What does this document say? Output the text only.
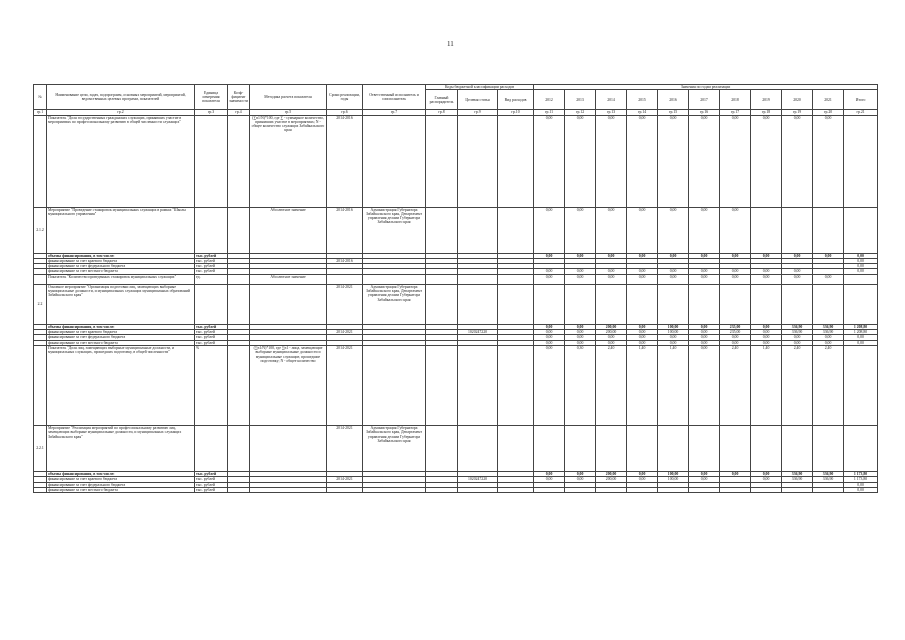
11
№	Наименование цели, задач, подпрограмм, основных мероприятий, мероприятий, ведомственных целевых программ, показателей	Единица измерения показателя	Коэф-фициент значимости	Методика расчета показателя	Сроки реализации, годы	Ответственный исполнитель и соисполнитель	Коды бюджетной классификации расходов			Значения по годам реализации										
							Главный распорядитель	Целевая статья	Вид расходов	2012	2013	2014	2015	2016	2017	2018	2019	2020	2021	Итого
гр.1	гр.2	гр.3	гр.4	гр.5	гр.6	гр.7	гр.8	гр.9	гр.10	гр.11	гр.12	гр.13	гр.14	гр.15	гр.16	гр.17	гр.18	гр.19	гр.20	гр.21
	Показатель "Доля государственных гражданских служащих, принявших участие в мероприятиях по профессиональному развитию в общей численности служащих"			(∑n1/N)*100, где ∑ - суммарное количество, принявших участие в мероприятиях; N - общее количество служащих Забайкальского края	2014-2016					0,00	0,00	0,00	0,00	0,00	0,00	0,00	0,00	0,00	0,00	
2.1.2	Мероприятие "Проведение стажировок муниципальных служащих в рамках "Школы муниципального управления"			Абсолютное значение	2014-2016	Администрация Губернатора Забайкальского края, Департамент управления делами Губернатора Забайкальского края				0,00	0,00	0,00	0,00	0,00	0,00	0,00				
	объемы финансирования, в том числе:	тыс. рублей								0,00	0,00	0,00	0,00	0,00	0,00	0,00	0,00	0,00	0,00	0,00
	финансирование за счет краевого бюджета	тыс. рублей			2014-2016															0,00
	финансирование за счет федерального бюджета	тыс. рублей																		0,00
	финансирование за счет местного бюджета	тыс. рублей								0,00	0,00	0,00	0,00	0,00	0,00	0,00	0,00	0,00		0,00
	Показатель "Количество проведенных стажировок муниципальных служащих"	ед.		Абсолютное значение						0,00	0,00	0,00	0,00	0,00	0,00	0,00	0,00	0,00	0,00	
2.2	Основное мероприятие "Организация подготовки лиц, замещающих выборные муниципальные должности, и муниципальных служащих муниципальных образований Забайкальского края"				2014-2021	Администрация Губернатора Забайкальского края, Департамент управления делами Губернатора Забайкальского края														
	объемы финансирования, в том числе:	тыс. рублей								0,00	0,00	200,00	0,00	100,00	0,00	235,00	0,00	336,90	336,90	1 208,80
	финансирование за счет краевого бюджета	тыс. рублей			2014-2021			1020247220		0,00	0,00	200,00	0,00	100,00	0,00	235,00	0,00	336,90	336,90	1 208,80
	финансирование за счет федерального бюджета	тыс. рублей								0,00	0,00	0,00	0,00	0,00	0,00	0,00	0,00	0,00	0,00	0,00
	финансирование за счет местного бюджета	тыс. рублей								0,00	0,00	0,00	0,00	0,00	0,00	0,00	0,00	0,00	0,00	0,00
	Показатель "Доля лиц, замещающих выборные муниципальные должности, и муниципальных служащих, прошедших подготовку, в общей численности"	%		(∑n1/N)*100, где ∑n1 - лица, замещающие выборные муниципальные должности и муниципальные служащие, прошедшие подготовку; N - общее количество	2014-2021					0,00	0,30	2,40	1,40	1,40	0,00	2,40	1,40	2,40	2,40	
2.2.1	Мероприятие "Реализация мероприятий по профессиональному развитию лиц, замещающих выборные муниципальные должности, и муниципальных служащих Забайкальского края"				2014-2021	Администрация Губернатора Забайкальского края, Департамент управления делами Губернатора Забайкальского края														
	объемы финансирования, в том числе:	тыс. рублей								0,00	0,00	200,00	0,00	100,00	0,00	0,00	0,00	336,90	336,90	1 173,80
	финансирование за счет краевого бюджета	тыс. рублей			2014-2021			1020247220		0,00	0,00	200,00	0,00	100,00	0,00		0,00	336,90	336,90	1 173,80
	финансирование за счет федерального бюджета	тыс. рублей																		0,00
	финансирование за счет местного бюджета	тыс. рублей																		0,00
